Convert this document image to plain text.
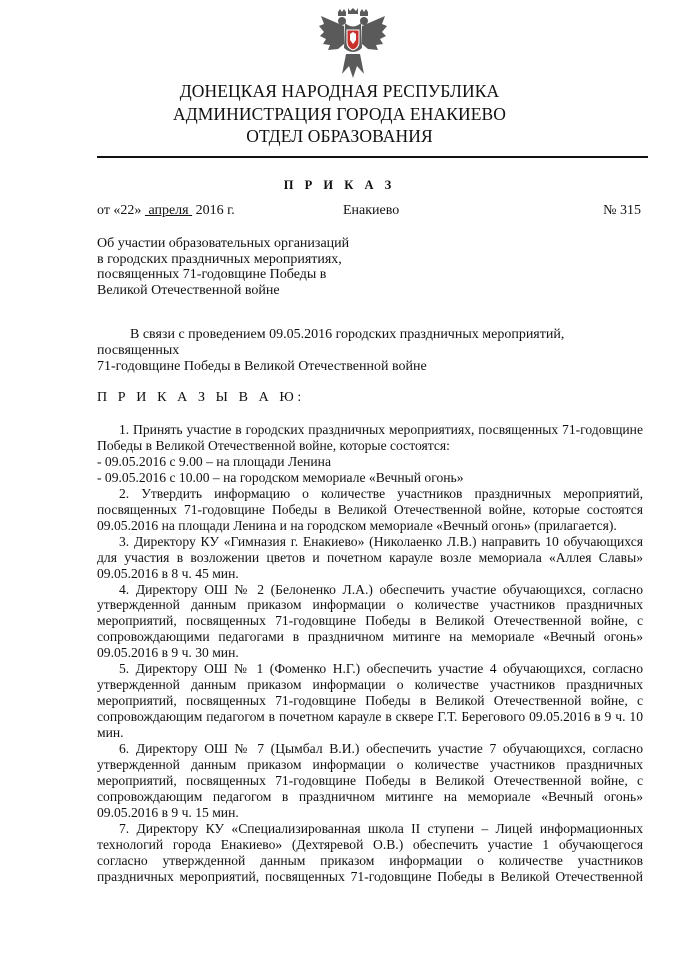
ДОНЕЦКАЯ НАРОДНАЯ РЕСПУБЛИКА
АДМИНИСТРАЦИЯ ГОРОДА ЕНАКИЕВО
ОТДЕЛ ОБРАЗОВАНИЯ
П Р И К А З
от «22» апреля 2016 г.	Енакиево	№ 315
Об участии образовательных организаций
в городских праздничных мероприятиях,
посвященных 71-годовщине Победы в
Великой Отечественной войне

В связи с проведением 09.05.2016 городских праздничных мероприятий, посвященных

71-годовщине Победы в Великой Отечественной войне

П Р И К А З Ы В А Ю:

1. Принять участие в городских праздничных мероприятиях, посвященных 71-годовщине Победы в Великой Отечественной войне, которые состоятся:

- 09.05.2016 с 9.00 – на площади Ленина

- 09.05.2016 с 10.00 – на городском мемориале «Вечный огонь»

2. Утвердить информацию о количестве участников праздничных мероприятий, посвященных 71-годовщине Победы в Великой Отечественной войне, которые состоятся 09.05.2016 на площади Ленина и на городском мемориале «Вечный огонь» (прилагается).

3. Директору КУ «Гимназия г. Енакиево» (Николаенко Л.В.) направить 10 обучающихся для участия в возложении цветов и почетном карауле возле мемориала «Аллея Славы» 09.05.2016 в 8 ч. 45 мин.

4. Директору ОШ № 2 (Белоненко Л.А.) обеспечить участие обучающихся, согласно утвержденной данным приказом информации о количестве участников праздничных мероприятий, посвященных 71-годовщине Победы в Великой Отечественной войне, с сопровождающими педагогами в праздничном митинге на мемориале «Вечный огонь» 09.05.2016 в 9 ч. 30 мин.

5. Директору ОШ № 1 (Фоменко Н.Г.) обеспечить участие 4 обучающихся, согласно утвержденной данным приказом информации о количестве участников праздничных мероприятий, посвященных 71-годовщине Победы в Великой Отечественной войне, с сопровождающим педагогом в почетном карауле в сквере Г.Т. Берегового 09.05.2016 в 9 ч. 10 мин.

6. Директору ОШ № 7 (Цымбал В.И.) обеспечить участие 7 обучающихся, согласно утвержденной данным приказом информации о количестве участников праздничных мероприятий, посвященных 71-годовщине Победы в Великой Отечественной войне, с сопровождающим педагогом в праздничном митинге на мемориале «Вечный огонь» 09.05.2016 в 9 ч. 15 мин.

7. Директору КУ «Специализированная школа II ступени – Лицей информационных технологий города Енакиево» (Дехтяревой О.В.) обеспечить участие 1 обучающегося согласно утвержденной данным приказом информации о количестве участников праздничных мероприятий, посвященных 71-годовщине Победы в Великой Отечественной
